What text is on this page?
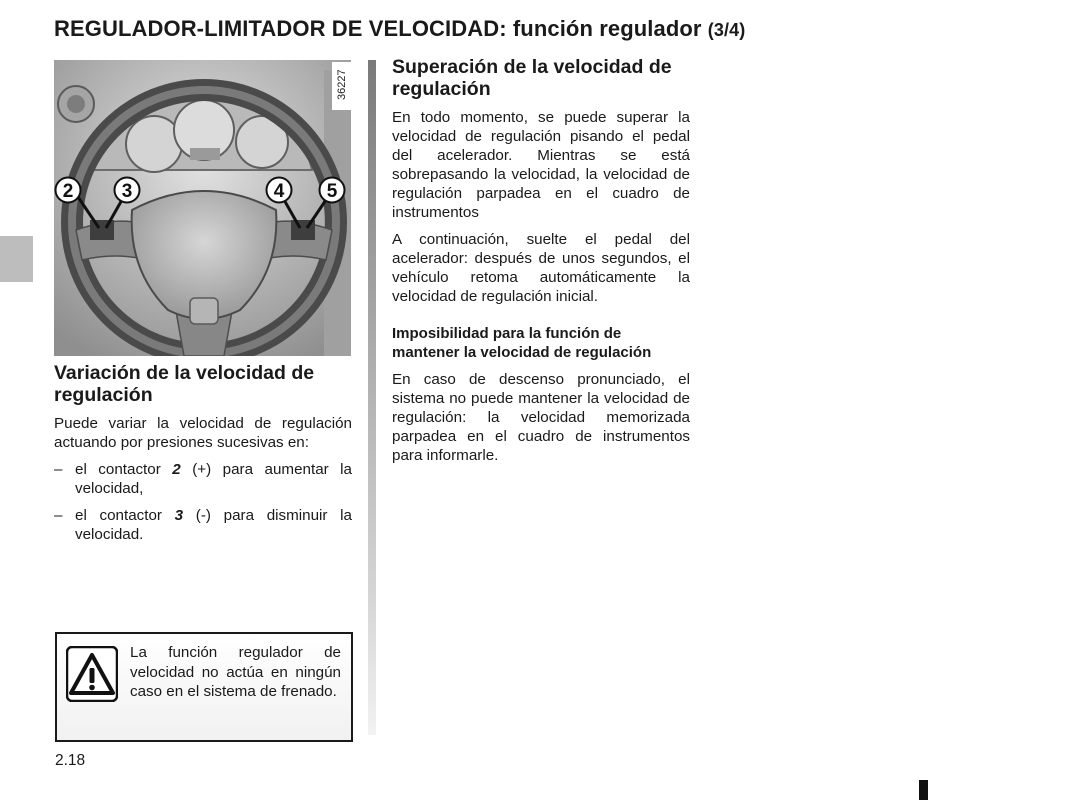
REGULADOR-LIMITADOR DE VELOCIDAD: función regulador (3/4)
36227
2	3	4 5
Variación de la velocidad de regulación

Puede variar la velocidad de regulación actuando por presiones sucesivas en:

– el contactor 2 (+) para aumentar la velocidad,
– el contactor 3 (-) para disminuir la velocidad.
La función regulador de velocidad no actúa en ningún caso en el sistema de frenado.
Superación de la velocidad de regulación

En todo momento, se puede superar la velocidad de regulación pisando el pedal del acelerador. Mientras se está sobrepasando la velocidad, la velocidad de regulación parpadea en el cuadro de instrumentos

A continuación, suelte el pedal del acelerador: después de unos segundos, el vehículo retoma automáticamente la velocidad de regulación inicial.

Imposibilidad para la función de mantener la velocidad de regulación

En caso de descenso pronunciado, el sistema no puede mantener la velocidad de regulación: la velocidad memorizada parpadea en el cuadro de instrumentos para informarle.

2.18
